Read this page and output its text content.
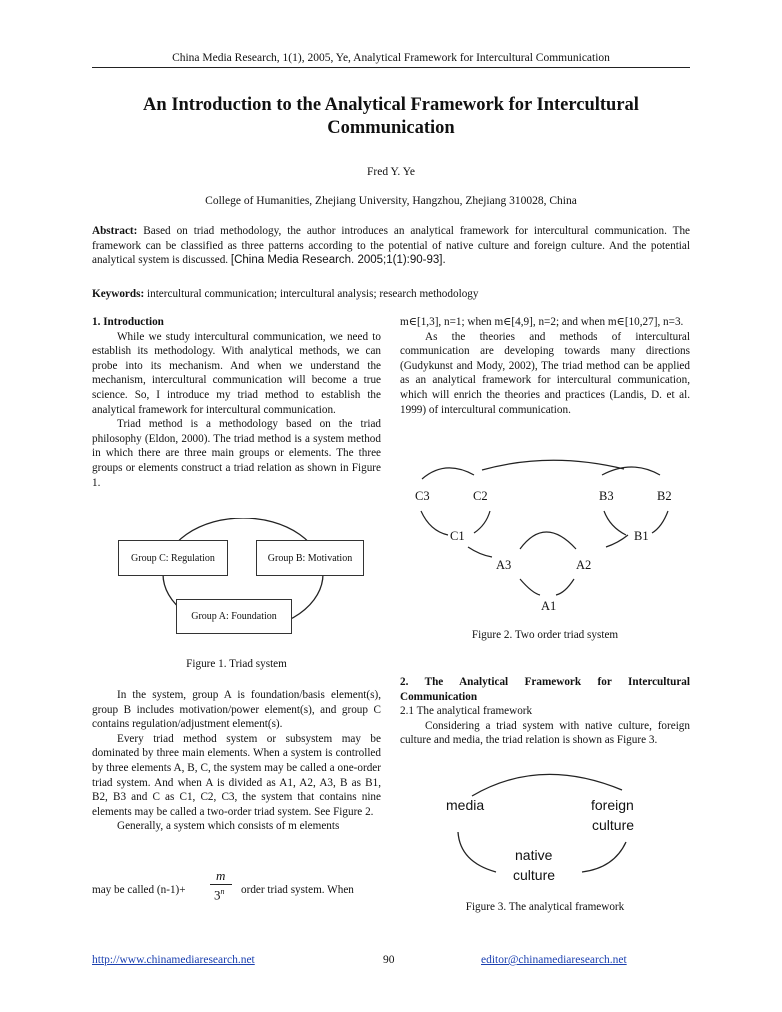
China Media Research, 1(1), 2005, Ye, Analytical Framework for Intercultural Communication
An Introduction to the Analytical Framework for Intercultural
Communication
Fred Y. Ye
College of Humanities, Zhejiang University, Hangzhou, Zhejiang 310028, China
Abstract: Based on triad methodology, the author introduces an analytical framework for intercultural communication. The framework can be classified as three patterns according to the potential of native culture and foreign culture. And the potential analytical system is discussed. [China Media Research. 2005;1(1):90-93].
Keywords: intercultural communication; intercultural analysis; research methodology

1. Introduction

While we study intercultural communication, we need to establish its methodology. With analytical methods, we can probe into its mechanism. And when we understand the mechanism, intercultural communication will become a true science. So, I introduce my triad method to establish the analytical framework for intercultural communication.

Triad method is a methodology based on the triad philosophy (Eldon, 2000). The triad method is a system method in which there are three main groups or elements. The three groups or elements construct a triad relation as shown in Figure 1.

Group C: Regulation	Group B: Motivation
Group A: Foundation
Figure 1. Triad system

In the system, group A is foundation/basis element(s), group B includes motivation/power element(s), and group C contains regulation/adjustment element(s).

Every triad method system or subsystem may be dominated by three main elements. When a system is controlled by three elements A, B, C, the system may be called a one-order triad system. And when A is divided as A1, A2, A3, B as B1, B2, B3 and C as C1, C2, C3, the system that contains nine elements may be called a two-order triad system. See Figure 2.

Generally, a system which consists of m elements

may be called (n-1)+
m
3$^n$ order triad system. When

m∈[1,3], n=1; when m∈[4,9], n=2; and when m∈[10,27], n=3.

As the theories and methods of intercultural communication are developing towards many directions (Gudykunst and Mody, 2002), The triad method can be applied as an analytical framework for intercultural communication, which will enrich the theories and practices (Landis, D. et al. 1999) of intercultural communication.

C3	C2
C1
B3	B2
B1
A3	A2
A1
Figure 2. Two order triad system

2. The Analytical Framework for Intercultural Communication

2.1 The analytical framework

Considering a triad system with native culture, foreign culture and media, the triad relation is shown as Figure 3.

media	foreign
culture
native
culture
Figure 3. The analytical framework
http://www.chinamediaresearch.net	90	editor@chinamediaresearch.net
